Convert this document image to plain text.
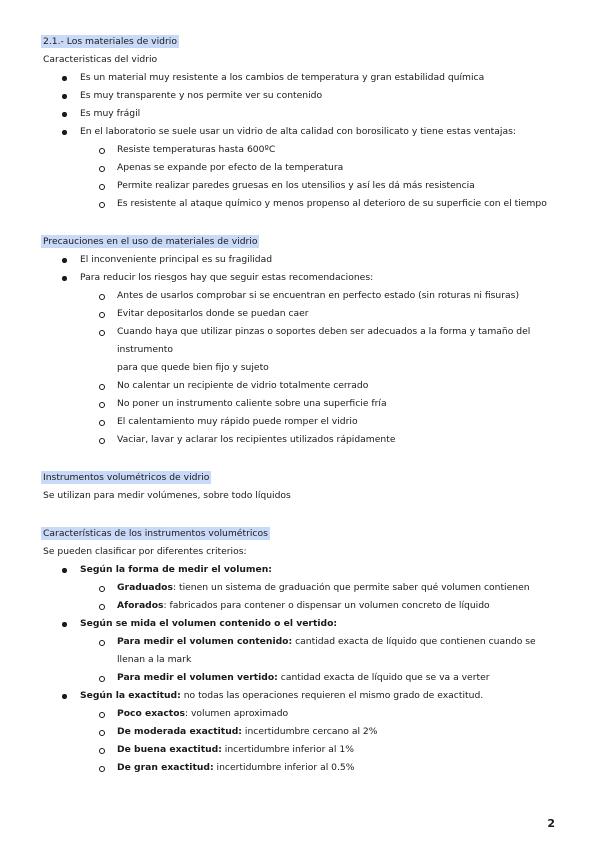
2.1.- Los materiales de vidrio
Caracteristicas del vidrio
Es un material muy resistente a los cambios de temperatura y gran estabilidad química
Es muy transparente y nos permite ver su contenido
Es muy frágil
En el laboratorio se suele usar un vidrio de alta calidad con borosilicato y tiene estas ventajas:
Resiste temperaturas hasta 600ºC
Apenas se expande por efecto de la temperatura
Permite realizar paredes gruesas en los utensilios y así les dá más resistencia
Es resistente al ataque químico y menos propenso al deterioro de su superficie con el tiempo
Precauciones en el uso de materiales de vidrio
El inconveniente principal es su fragilidad
Para reducir los riesgos hay que seguir estas recomendaciones:
Antes de usarlos comprobar si se encuentran en perfecto estado (sin roturas ni fisuras)
Evitar depositarlos donde se puedan caer
Cuando haya que utilizar pinzas o soportes deben ser adecuados a la forma y tamaño del instrumento
para que quede bien fijo y sujeto
No calentar un recipiente de vidrio totalmente cerrado
No poner un instrumento caliente sobre una superficie fría
El calentamiento muy rápido puede romper el vidrio
Vaciar, lavar y aclarar los recipientes utilizados rápidamente
Instrumentos volumétricos de vidrio
Se utilizan para medir volúmenes, sobre todo líquidos
Características de los instrumentos volumétricos
Se pueden clasificar por diferentes criterios:
Según la forma de medir el volumen:
Graduados: tienen un sistema de graduación que permite saber qué volumen contienen
Aforados: fabricados para contener o dispensar un volumen concreto de líquido
Según se mida el volumen contenido o el vertido:
Para medir el volumen contenido: cantidad exacta de líquido que contienen cuando se llenan a la mark
Para medir el volumen vertido: cantidad exacta de líquido que se va a verter
Según la exactitud: no todas las operaciones requieren el mismo grado de exactitud.
Poco exactos: volumen aproximado
De moderada exactitud: incertidumbre cercano al 2%
De buena exactitud: incertidumbre inferior al 1%
De gran exactitud: incertidumbre inferior al 0.5%
2
